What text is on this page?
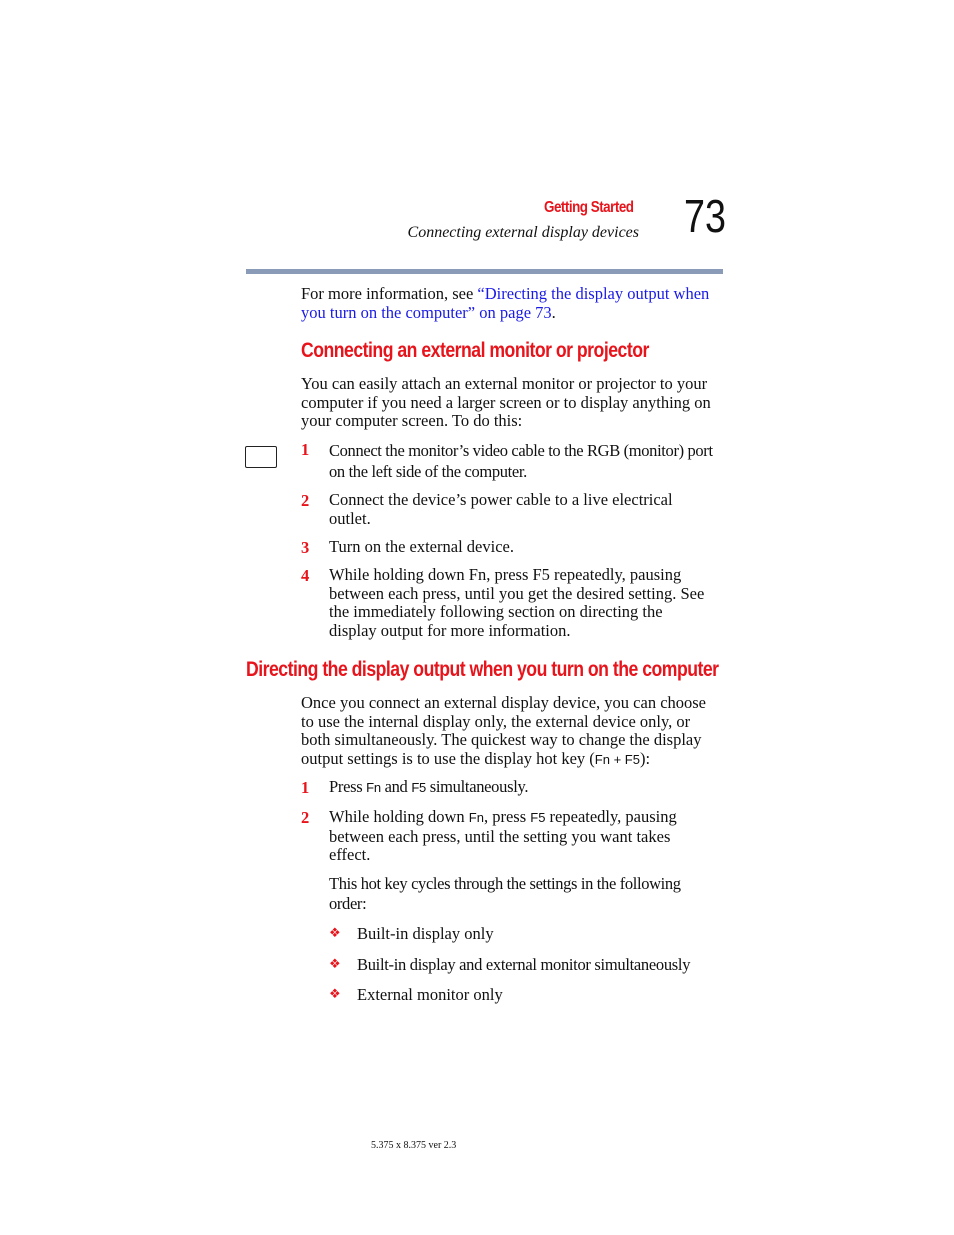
Getting Started
Connecting external display devices 73
For more information, see “Directing the display output when
you turn on the computer” on page 73.
Connecting an external monitor or projector
You can easily attach an external monitor or projector to your
computer if you need a larger screen or to display anything on
your computer screen. To do this:
1 Connect the monitor’s video cable to the RGB (monitor) port
on the left side of the computer.
2 Connect the device’s power cable to a live electrical
outlet.
3 Turn on the external device.
4 While holding down Fn, press F5 repeatedly, pausing
between each press, until you get the desired setting. See
the immediately following section on directing the
display output for more information.
Directing the display output when you turn on the computer
Once you connect an external display device, you can choose
to use the internal display only, the external device only, or
both simultaneously. The quickest way to change the display
output settings is to use the display hot key (Fn + F5):
1 Press Fn and F5 simultaneously.
2 While holding down Fn, press F5 repeatedly, pausing
between each press, until the setting you want takes
effect.
This hot key cycles through the settings in the following
order:
❖ Built-in display only
❖ Built-in display and external monitor simultaneously
❖ External monitor only
5.375 x 8.375 ver 2.3
